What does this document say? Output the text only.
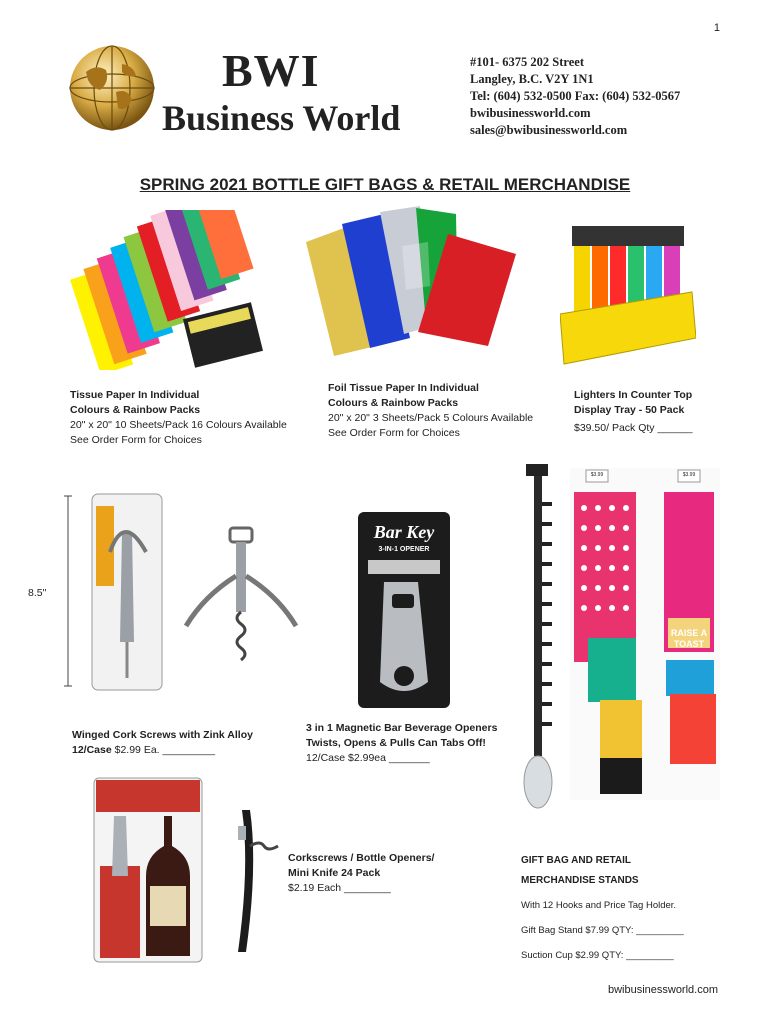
1
BWI
Business World
#101- 6375 202 Street
Langley, B.C. V2Y 1N1
Tel: (604) 532-0500 Fax: (604) 532-0567
bwibusinessworld.com
sales@bwibusinessworld.com
SPRING 2021 BOTTLE GIFT BAGS & RETAIL MERCHANDISE
Tissue Paper In Individual
Colours & Rainbow Packs
20" x 20" 10 Sheets/Pack 16 Colours Available
See Order Form for Choices
Foil Tissue Paper In Individual
Colours & Rainbow Packs
20" x 20" 3 Sheets/Pack 5 Colours Available
See Order Form for Choices
Lighters In Counter Top
Display Tray - 50 Pack
$39.50/ Pack Qty ______
8.5"
Bar Key
3-IN-1 OPENER
$3.99	$3.99
RAISE A TOAST
Winged Cork Screws with Zink Alloy
12/Case $2.99 Ea. _________
3 in 1 Magnetic Bar Beverage Openers
Twists, Opens & Pulls Can Tabs Off!
12/Case $2.99ea _______
Corkscrews / Bottle Openers/
Mini Knife 24 Pack
$2.19 Each ________
GIFT BAG AND RETAIL
MERCHANDISE STANDS
With 12 Hooks and Price Tag Holder.
Gift Bag Stand $7.99 QTY: _________
Suction Cup $2.99 QTY: _________
bwibusinessworld.com
